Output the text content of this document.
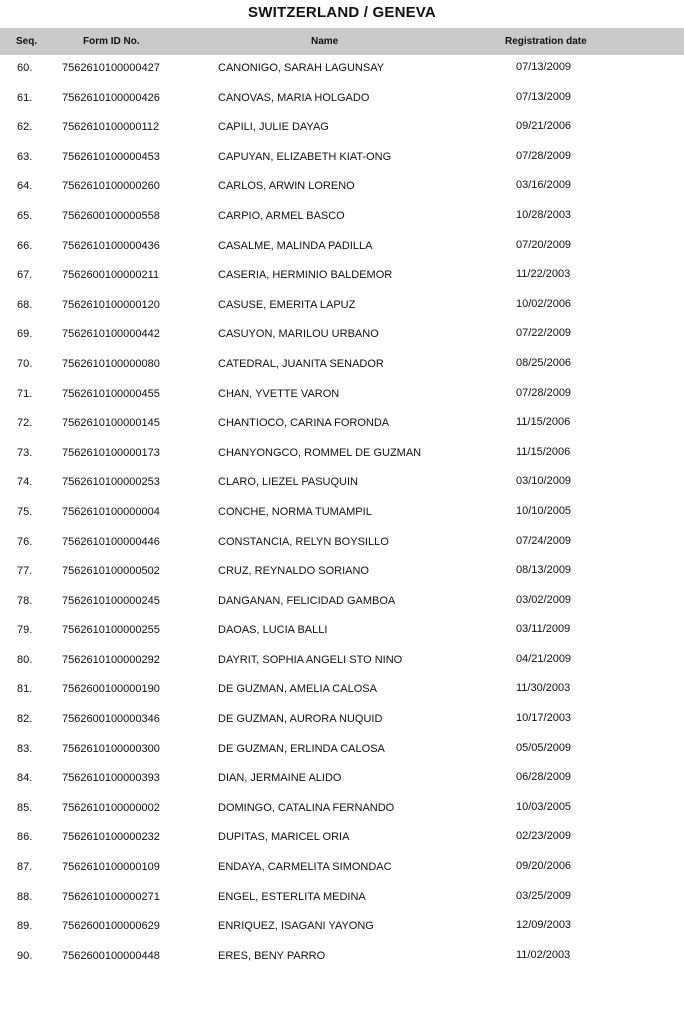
SWITZERLAND / GENEVA
Seq.	Form ID No.	Name	Registration date
60.	7562610100000427	CANONIGO, SARAH LAGUNSAY	07/13/2009
61.	7562610100000426	CANOVAS, MARIA HOLGADO	07/13/2009
62.	7562610100000112	CAPILI, JULIE DAYAG	09/21/2006
63.	7562610100000453	CAPUYAN, ELIZABETH KIAT-ONG	07/28/2009
64.	7562610100000260	CARLOS, ARWIN LORENO	03/16/2009
65.	7562600100000558	CARPIO, ARMEL BASCO	10/28/2003
66.	7562610100000436	CASALME, MALINDA PADILLA	07/20/2009
67.	7562600100000211	CASERIA, HERMINIO BALDEMOR	11/22/2003
68.	7562610100000120	CASUSE, EMERITA LAPUZ	10/02/2006
69.	7562610100000442	CASUYON, MARILOU URBANO	07/22/2009
70.	7562610100000080	CATEDRAL, JUANITA SENADOR	08/25/2006
71.	7562610100000455	CHAN, YVETTE VARON	07/28/2009
72.	7562610100000145	CHANTIOCO, CARINA FORONDA	11/15/2006
73.	7562610100000173	CHANYONGCO, ROMMEL DE GUZMAN	11/15/2006
74.	7562610100000253	CLARO, LIEZEL PASUQUIN	03/10/2009
75.	7562610100000004	CONCHE, NORMA TUMAMPIL	10/10/2005
76.	7562610100000446	CONSTANCIA, RELYN BOYSILLO	07/24/2009
77.	7562610100000502	CRUZ, REYNALDO SORIANO	08/13/2009
78.	7562610100000245	DANGANAN, FELICIDAD GAMBOA	03/02/2009
79.	7562610100000255	DAOAS, LUCIA BALLI	03/11/2009
80.	7562610100000292	DAYRIT, SOPHIA ANGELI STO NINO	04/21/2009
81.	7562600100000190	DE GUZMAN, AMELIA CALOSA	11/30/2003
82.	7562600100000346	DE GUZMAN, AURORA NUQUID	10/17/2003
83.	7562610100000300	DE GUZMAN, ERLINDA CALOSA	05/05/2009
84.	7562610100000393	DIAN, JERMAINE ALIDO	06/28/2009
85.	7562610100000002	DOMINGO, CATALINA FERNANDO	10/03/2005
86.	7562610100000232	DUPITAS, MARICEL ORIA	02/23/2009
87.	7562610100000109	ENDAYA, CARMELITA SIMONDAC	09/20/2006
88.	7562610100000271	ENGEL, ESTERLITA MEDINA	03/25/2009
89.	7562600100000629	ENRIQUEZ, ISAGANI YAYONG	12/09/2003
90.	7562600100000448	ERES, BENY PARRO	11/02/2003
